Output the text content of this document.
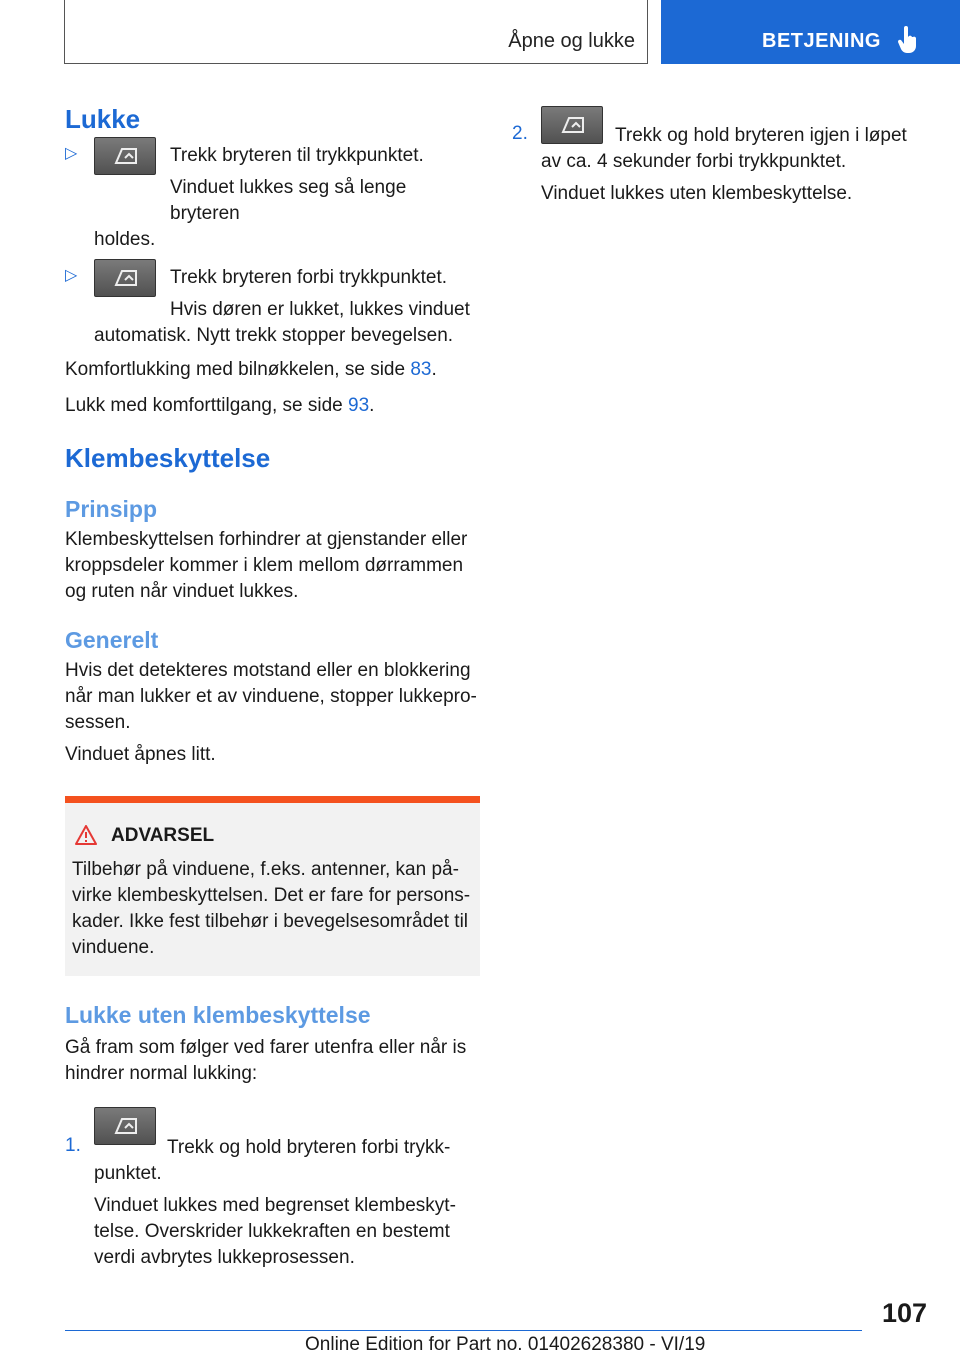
Åpne og lukke	BETJENING
Lukke
▷	Trekk bryteren til trykkpunktet.

Vinduet lukkes seg så lenge bryteren

holdes.

▷	Trekk bryteren forbi trykkpunktet.

Hvis døren er lukket, lukkes vinduet

automatisk. Nytt trekk stopper bevegelsen.

Komfortlukking med bilnøkkelen, se side 83.

Lukk med komforttilgang, se side 93.

Klembeskyttelse
Prinsipp

Klembeskyttelsen forhindrer at gjenstander eller

kroppsdeler kommer i klem mellom dørrammen

og ruten når vinduet lukkes.

Generelt

Hvis det detekteres motstand eller en blokkering

når man lukker et av vinduene, stopper lukkepro-

sessen.

Vinduet åpnes litt.

ADVARSEL

Tilbehør på vinduene, f.eks. antenner, kan på-

virke klembeskyttelsen. Det er fare for persons-

kader. Ikke fest tilbehør i bevegelsesområdet til

vinduene.

Lukke uten klembeskyttelse

Gå fram som følger ved farer utenfra eller når is

hindrer normal lukking:

1.	Trekk og hold bryteren forbi trykk-

punktet.

Vinduet lukkes med begrenset klembeskyt-

telse. Overskrider lukkekraften en bestemt

verdi avbrytes lukkeprosessen.

2.	Trekk og hold bryteren igjen i løpet

av ca. 4 sekunder forbi trykkpunktet.

Vinduet lukkes uten klembeskyttelse.

107
Online Edition for Part no. 01402628380 - VI/19
